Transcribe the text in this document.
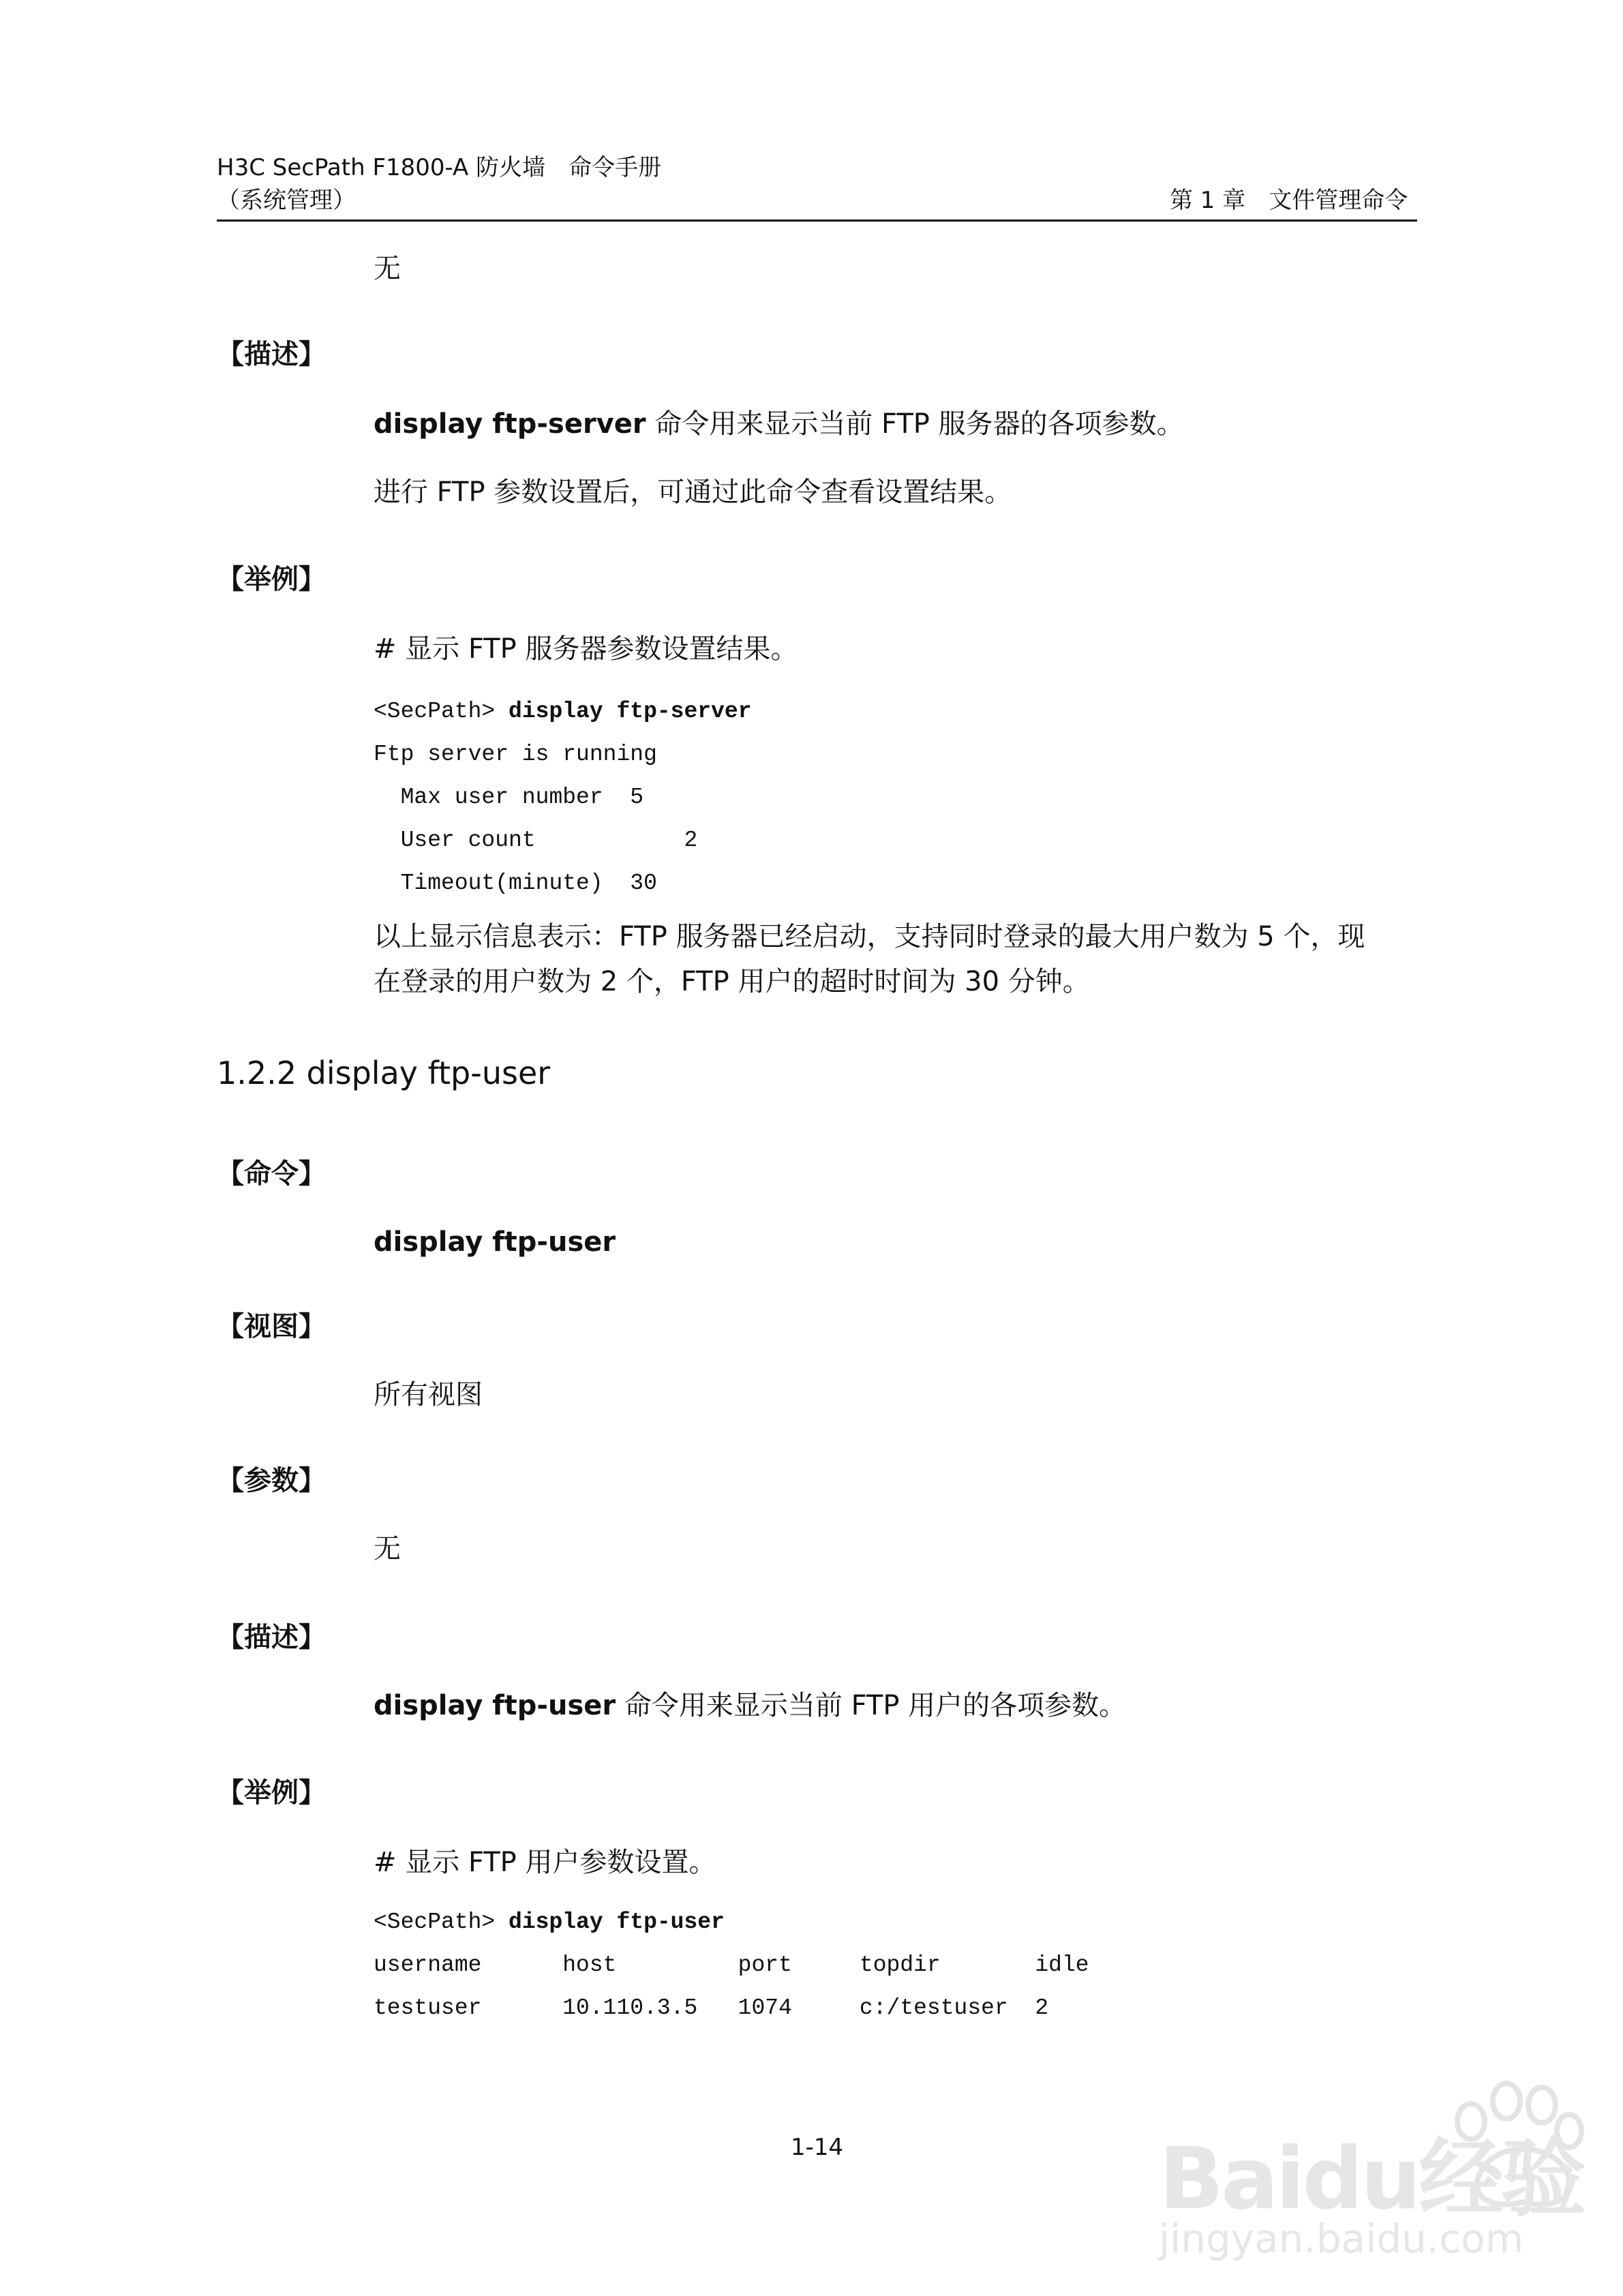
H3C SecPath F1800-A 防火墙　命令手册
（系统管理）	第 1 章　文件管理命令
无
【描述】
display ftp-server 命令用来显示当前 FTP 服务器的各项参数。
进行 FTP 参数设置后，可通过此命令查看设置结果。
【举例】
# 显示 FTP 服务器参数设置结果。
<SecPath> display ftp-server
Ftp server is running
Max user number  5
User count           2
Timeout(minute)  30
以上显示信息表示：FTP 服务器已经启动，支持同时登录的最大用户数为 5 个，现
在登录的用户数为 2 个，FTP 用户的超时时间为 30 分钟。
1.2.2 display ftp-user
【命令】
display ftp-user
【视图】
所有视图
【参数】
无
【描述】
display ftp-user 命令用来显示当前 FTP 用户的各项参数。
【举例】
# 显示 FTP 用户参数设置。
<SecPath> display ftp-user
username      host         port     topdir       idle
testuser      10.110.3.5   1074     c:/testuser  2
1-14	Baidu经验
jingyan.baidu.com
